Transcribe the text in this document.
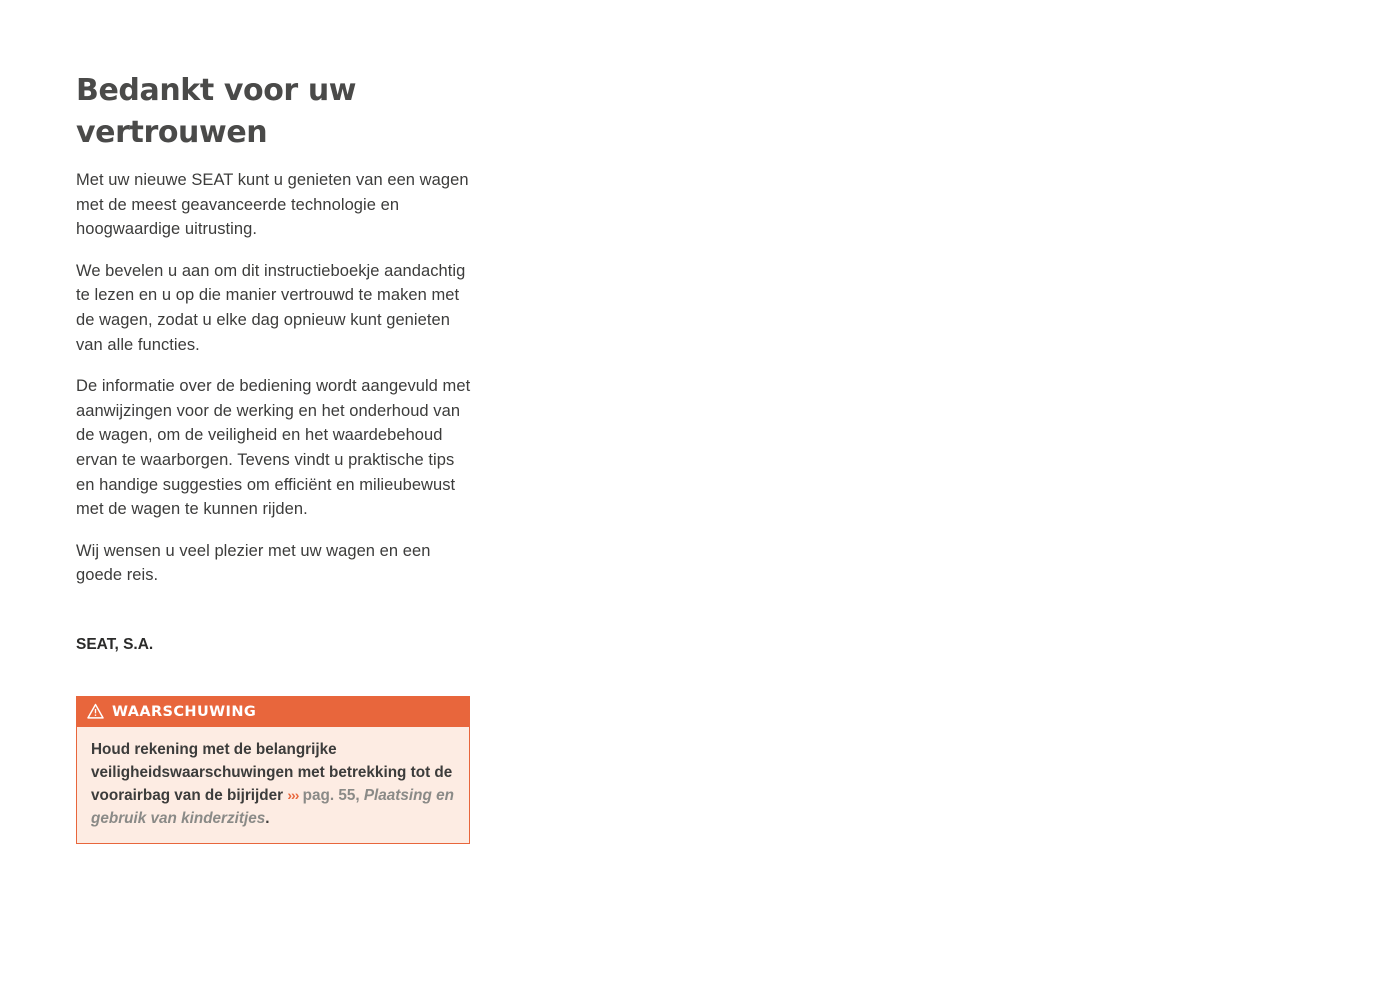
Bedankt voor uw vertrouwen

Met uw nieuwe SEAT kunt u genieten van een wagen met de meest geavanceerde technologie en hoogwaardige uitrusting.

We bevelen u aan om dit instructieboekje aandachtig te lezen en u op die manier vertrouwd te maken met de wagen, zodat u elke dag opnieuw kunt genieten van alle functies.

De informatie over de bediening wordt aangevuld met aanwijzingen voor de werking en het onderhoud van de wagen, om de veiligheid en het waardebehoud ervan te waarborgen. Tevens vindt u praktische tips en handige suggesties om efficiënt en milieubewust met de wagen te kunnen rijden.

Wij wensen u veel plezier met uw wagen en een goede reis.

SEAT, S.A.

WAARSCHUWING
Houd rekening met de belangrijke veiligheidswaarschuwingen met betrekking tot de voorairbag van de bijrijder ››› pag. 55, Plaatsing en gebruik van kinderzitjes.
